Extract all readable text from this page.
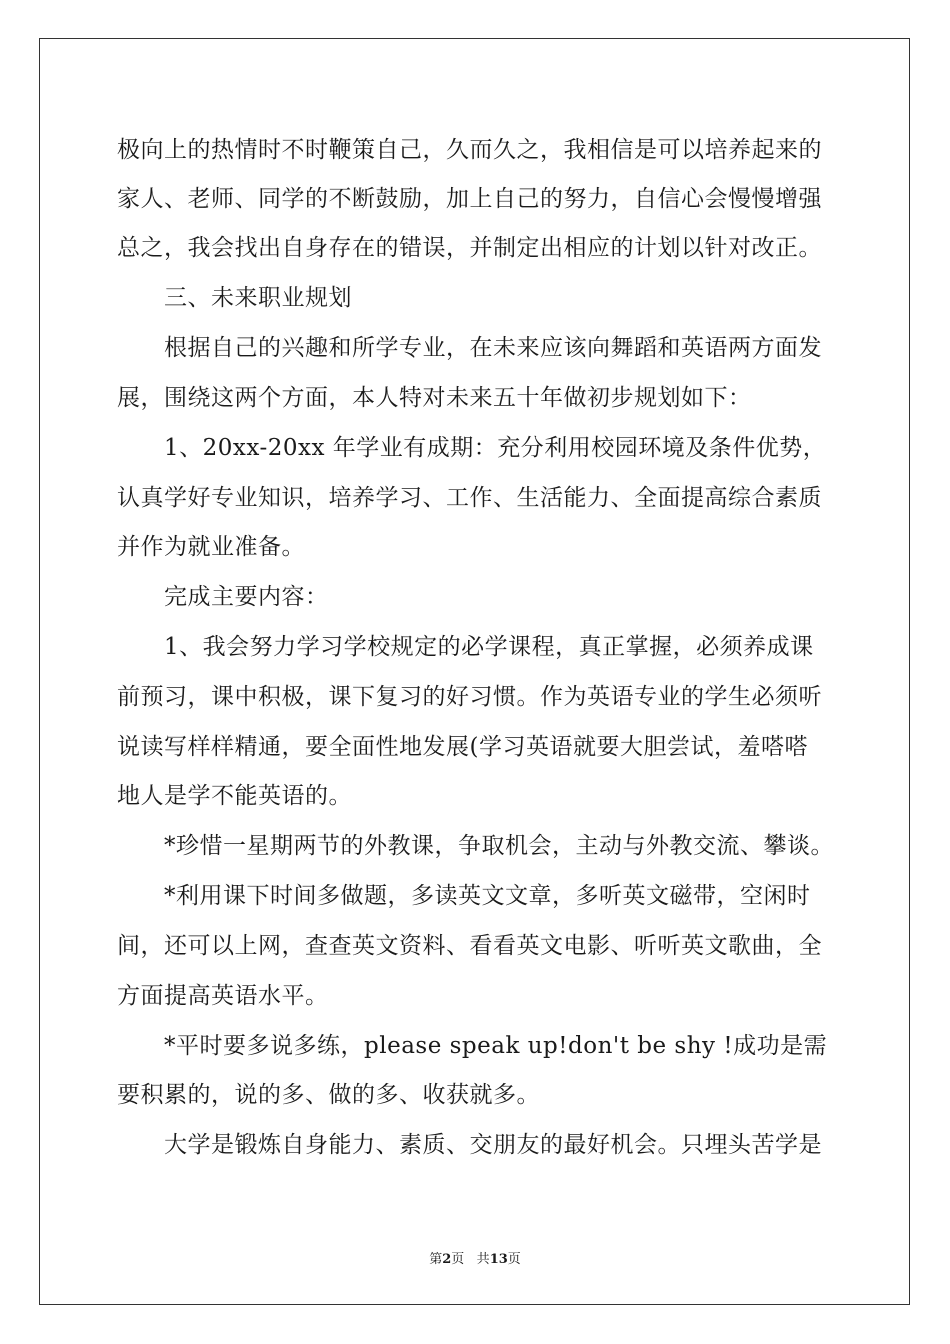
极向上的热情时不时鞭策自己，久而久之，我相信是可以培养起来的
家人、老师、同学的不断鼓励，加上自己的努力，自信心会慢慢增强
总之，我会找出自身存在的错误，并制定出相应的计划以针对改正。
三、未来职业规划
根据自己的兴趣和所学专业，在未来应该向舞蹈和英语两方面发
展，围绕这两个方面，本人特对未来五十年做初步规划如下：
1、20xx-20xx 年学业有成期：充分利用校园环境及条件优势，
认真学好专业知识，培养学习、工作、生活能力、全面提高综合素质
并作为就业准备。
完成主要内容：
1、我会努力学习学校规定的必学课程，真正掌握，必须养成课
前预习，课中积极，课下复习的好习惯。作为英语专业的学生必须听
说读写样样精通，要全面性地发展(学习英语就要大胆尝试，羞嗒嗒
地人是学不能英语的。
*珍惜一星期两节的外教课，争取机会，主动与外教交流、攀谈。
*利用课下时间多做题，多读英文文章，多听英文磁带，空闲时
间，还可以上网，查查英文资料、看看英文电影、听听英文歌曲，全
方面提高英语水平。
*平时要多说多练，please speak up!don't be shy !成功是需
要积累的，说的多、做的多、收获就多。
大学是锻炼自身能力、素质、交朋友的最好机会。只埋头苦学是
第2页 共13页
